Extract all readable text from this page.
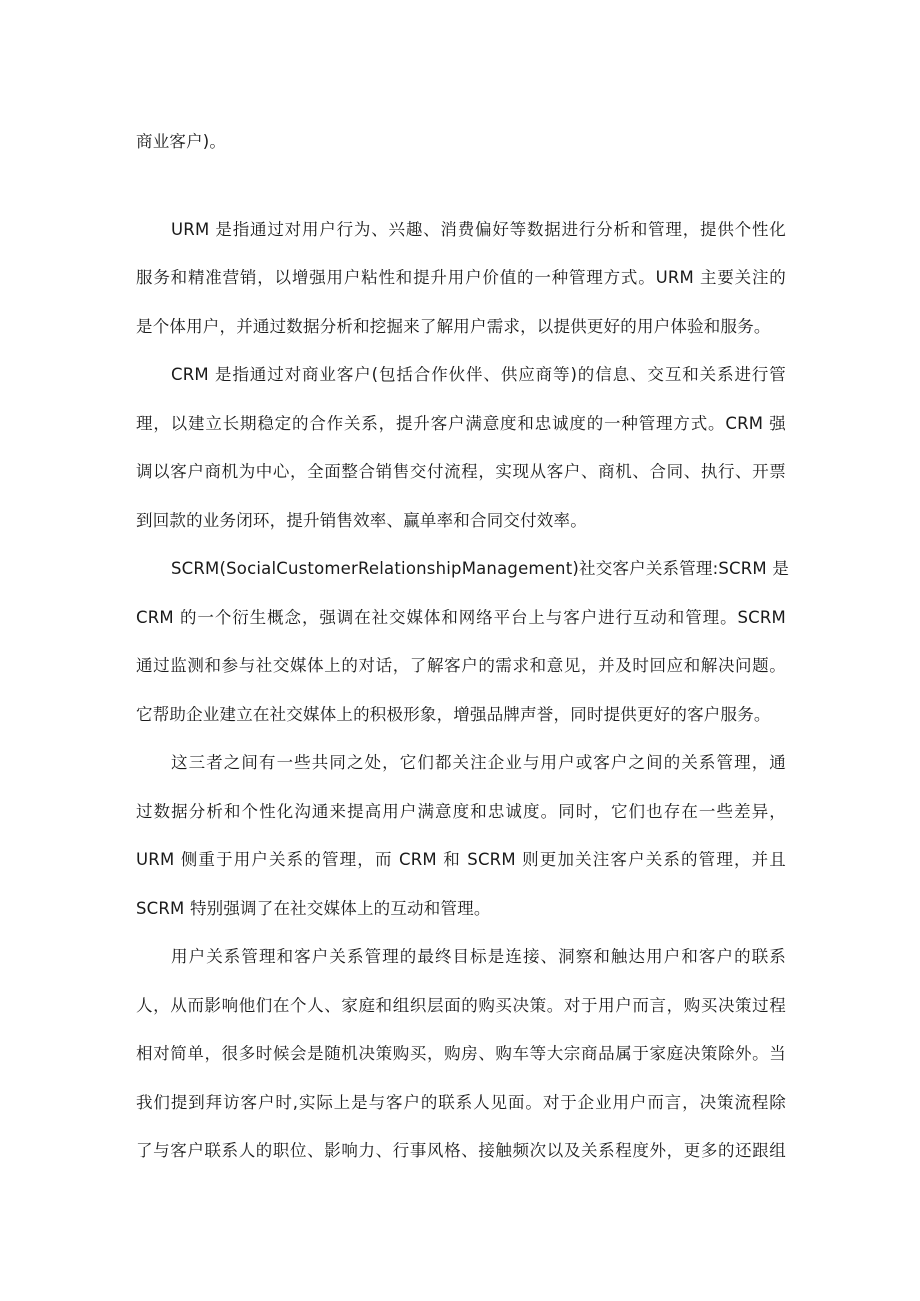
商业客户)。
URM 是指通过对用户行为、兴趣、消费偏好等数据进行分析和管理，提供个性化
服务和精准营销，以增强用户粘性和提升用户价值的一种管理方式。URM 主要关注的
是个体用户，并通过数据分析和挖掘来了解用户需求，以提供更好的用户体验和服务。
CRM 是指通过对商业客户(包括合作伙伴、供应商等)的信息、交互和关系进行管
理，以建立长期稳定的合作关系，提升客户满意度和忠诚度的一种管理方式。CRM 强
调以客户商机为中心，全面整合销售交付流程，实现从客户、商机、合同、执行、开票
到回款的业务闭环，提升销售效率、赢单率和合同交付效率。
SCRM(SocialCustomerRelationshipManagement)社交客户关系管理:SCRM 是
CRM 的一个衍生概念，强调在社交媒体和网络平台上与客户进行互动和管理。SCRM
通过监测和参与社交媒体上的对话，了解客户的需求和意见，并及时回应和解决问题。
它帮助企业建立在社交媒体上的积极形象，增强品牌声誉，同时提供更好的客户服务。
这三者之间有一些共同之处，它们都关注企业与用户或客户之间的关系管理，通
过数据分析和个性化沟通来提高用户满意度和忠诚度。同时，它们也存在一些差异，
URM 侧重于用户关系的管理，而 CRM 和 SCRM 则更加关注客户关系的管理，并且
SCRM 特别强调了在社交媒体上的互动和管理。
用户关系管理和客户关系管理的最终目标是连接、洞察和触达用户和客户的联系
人，从而影响他们在个人、家庭和组织层面的购买决策。对于用户而言，购买决策过程
相对简单，很多时候会是随机决策购买，购房、购车等大宗商品属于家庭决策除外。当
我们提到拜访客户时,实际上是与客户的联系人见面。对于企业用户而言，决策流程除
了与客户联系人的职位、影响力、行事风格、接触频次以及关系程度外，更多的还跟组
